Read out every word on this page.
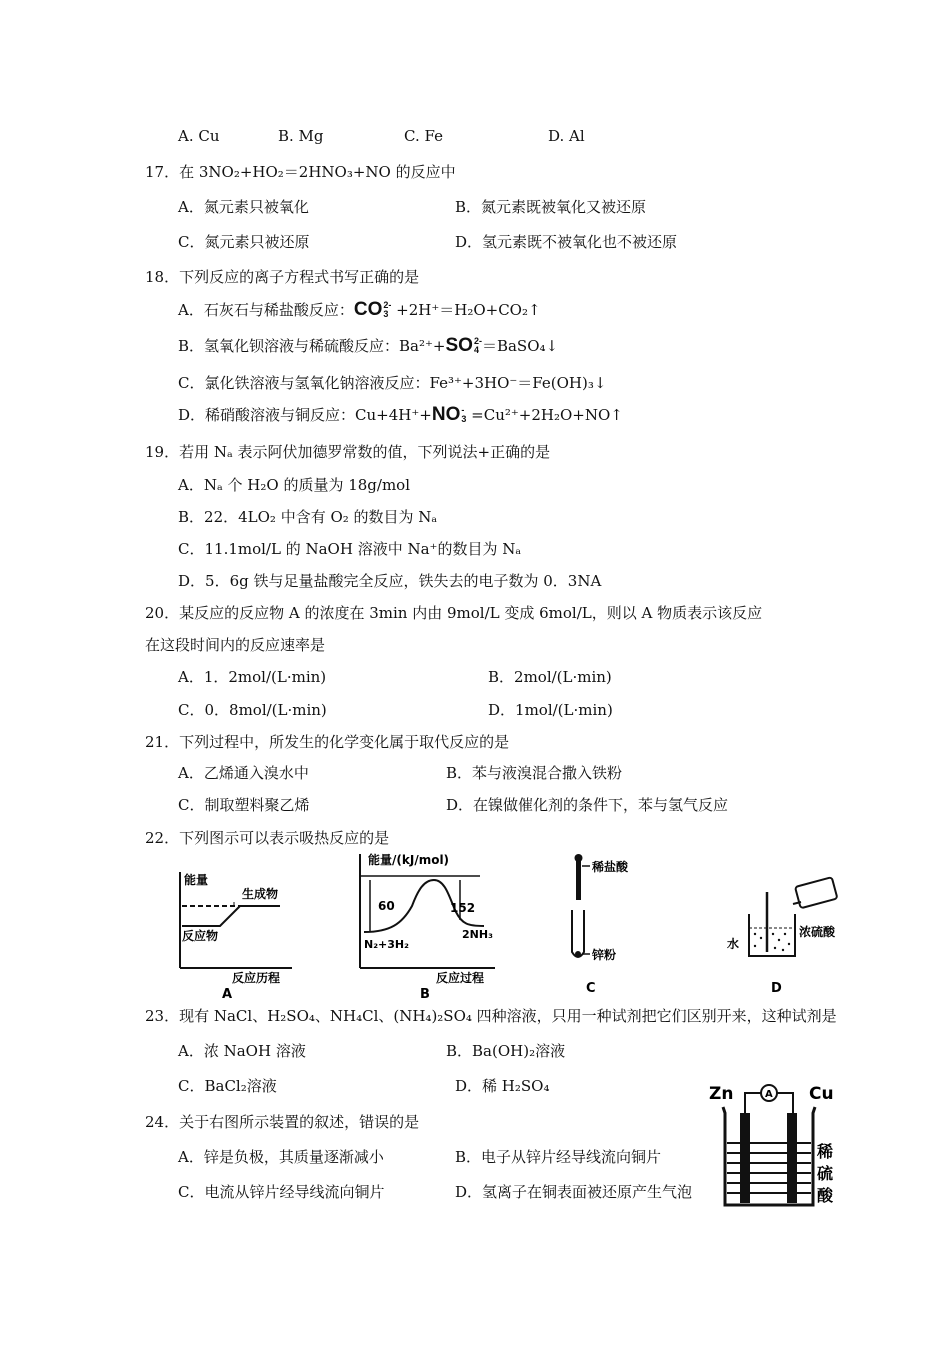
A. Cu	B. Mg	C. Fe	D. Al
17．在 3NO₂+HO₂＝2HNO₃+NO 的反应中
A．氮元素只被氧化	B．氮元素既被氧化又被还原
C．氮元素只被还原	D．氢元素既不被氧化也不被还原
18．下列反应的离子方程式书写正确的是
A．石灰石与稀盐酸反应：CO2-
3 +2H⁺＝H₂O+CO₂↑
B．氢氧化钡溶液与稀硫酸反应：Ba²⁺+SO2-
4 ＝BaSO₄↓
C．氯化铁溶液与氢氧化钠溶液反应：Fe³⁺+3HO⁻＝Fe(OH)₃↓
D．稀硝酸溶液与铜反应：Cu+4H⁺+NO-
3 =Cu²⁺+2H₂O+NO↑
19．若用 Nₐ 表示阿伏加德罗常数的值，下列说法+正确的是
A．Nₐ 个 H₂O 的质量为 18g/mol
B．22．4LO₂ 中含有 O₂ 的数目为 Nₐ
C．11.1mol/L 的 NaOH 溶液中 Na⁺的数目为 Nₐ
D．5．6g 铁与足量盐酸完全反应，铁失去的电子数为 0．3NA
20．某反应的反应物 A 的浓度在 3min 内由 9mol/L 变成 6mol/L，则以 A 物质表示该反应
在这段时间内的反应速率是
A．1．2mol/(L·min)	B．2mol/(L·min)
C．0．8mol/(L·min)	D．1mol/(L·min)
21．下列过程中，所发生的化学变化属于取代反应的是
A．乙烯通入溴水中	B．苯与液溴混合撒入铁粉
C．制取塑料聚乙烯	D．在镍做催化剂的条件下，苯与氢气反应
22．下列图示可以表示吸热反应的是
能量
生成物
反应物
反应历程
A
能量/(kJ/mol)
60	152
N₂+3H₂
2NH₃
反应过程
B
稀盐酸
锌粉
C
水
浓硫酸
D
23．现有 NaCl、H₂SO₄、NH₄Cl、(NH₄)₂SO₄ 四种溶液，只用一种试剂把它们区别开来，这种试剂是
A．浓 NaOH 溶液	B．Ba(OH)₂溶液
C．BaCl₂溶液	D．稀 H₂SO₄
24．关于右图所示装置的叙述，错误的是
A．锌是负极，其质量逐渐减小	B．电子从锌片经导线流向铜片
C．电流从锌片经导线流向铜片	D．氢离子在铜表面被还原产生气泡
Zn	Cu
A
稀
硫
酸
